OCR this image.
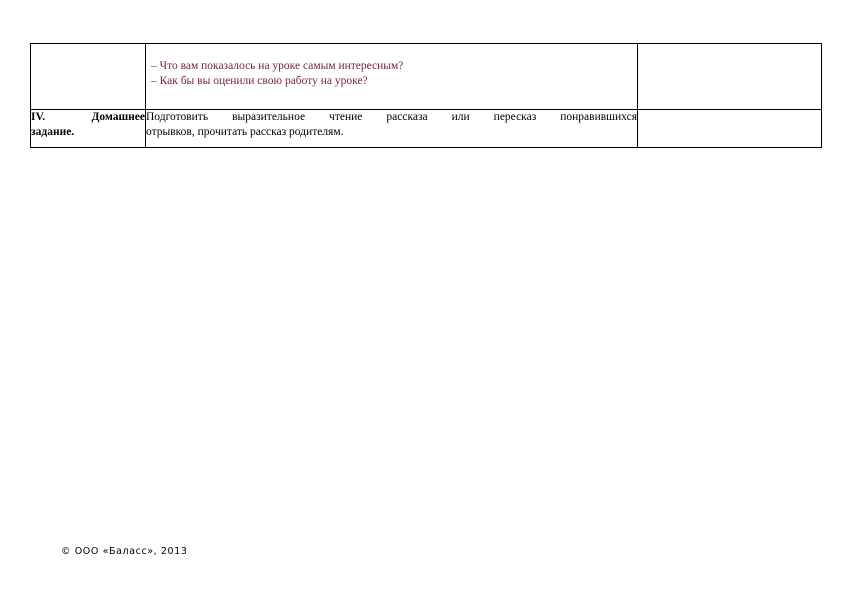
	– Что вам показалось на уроке самым интересным?
– Как бы вы оценили свою работу на уроке?	

IV. Домашнее
задание.	Подготовить выразительное чтение рассказа или пересказ понравившихся
отрывков, прочитать рассказ родителям.	

© ООО «Баласс», 2013
